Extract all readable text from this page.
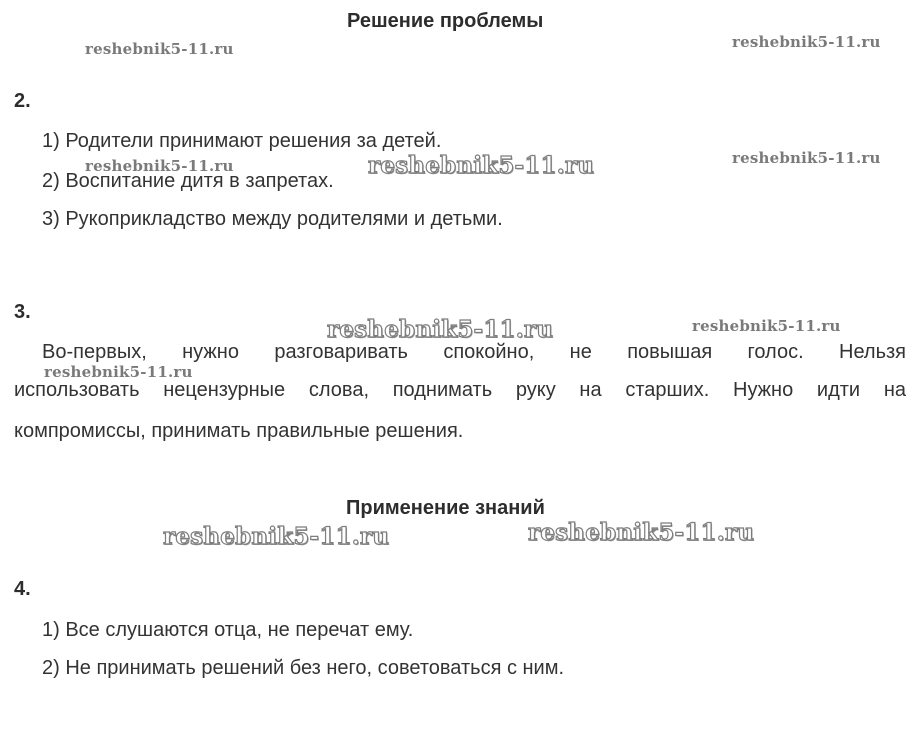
Решение проблемы
2.
1) Родители принимают решения за детей.
2) Воспитание дитя в запретах.
3) Рукоприкладство между родителями и детьми.
3.
Во-первых, нужно разговаривать спокойно, не повышая голос. Нельзя
использовать нецензурные слова, поднимать руку на старших. Нужно идти на
компромиссы, принимать правильные решения.
Применение знаний
4.
1) Все слушаются отца, не перечат ему.
2) Не принимать решений без него, советоваться с ним.
reshebnik5-11.ru	reshebnik5-11.ru
reshebnik5-11.ru	reshebnik5-11.ru	reshebnik5-11.ru
reshebnik5-11.ru	reshebnik5-11.ru
reshebnik5-11.ru
reshebnik5-11.ru	reshebnik5-11.ru
